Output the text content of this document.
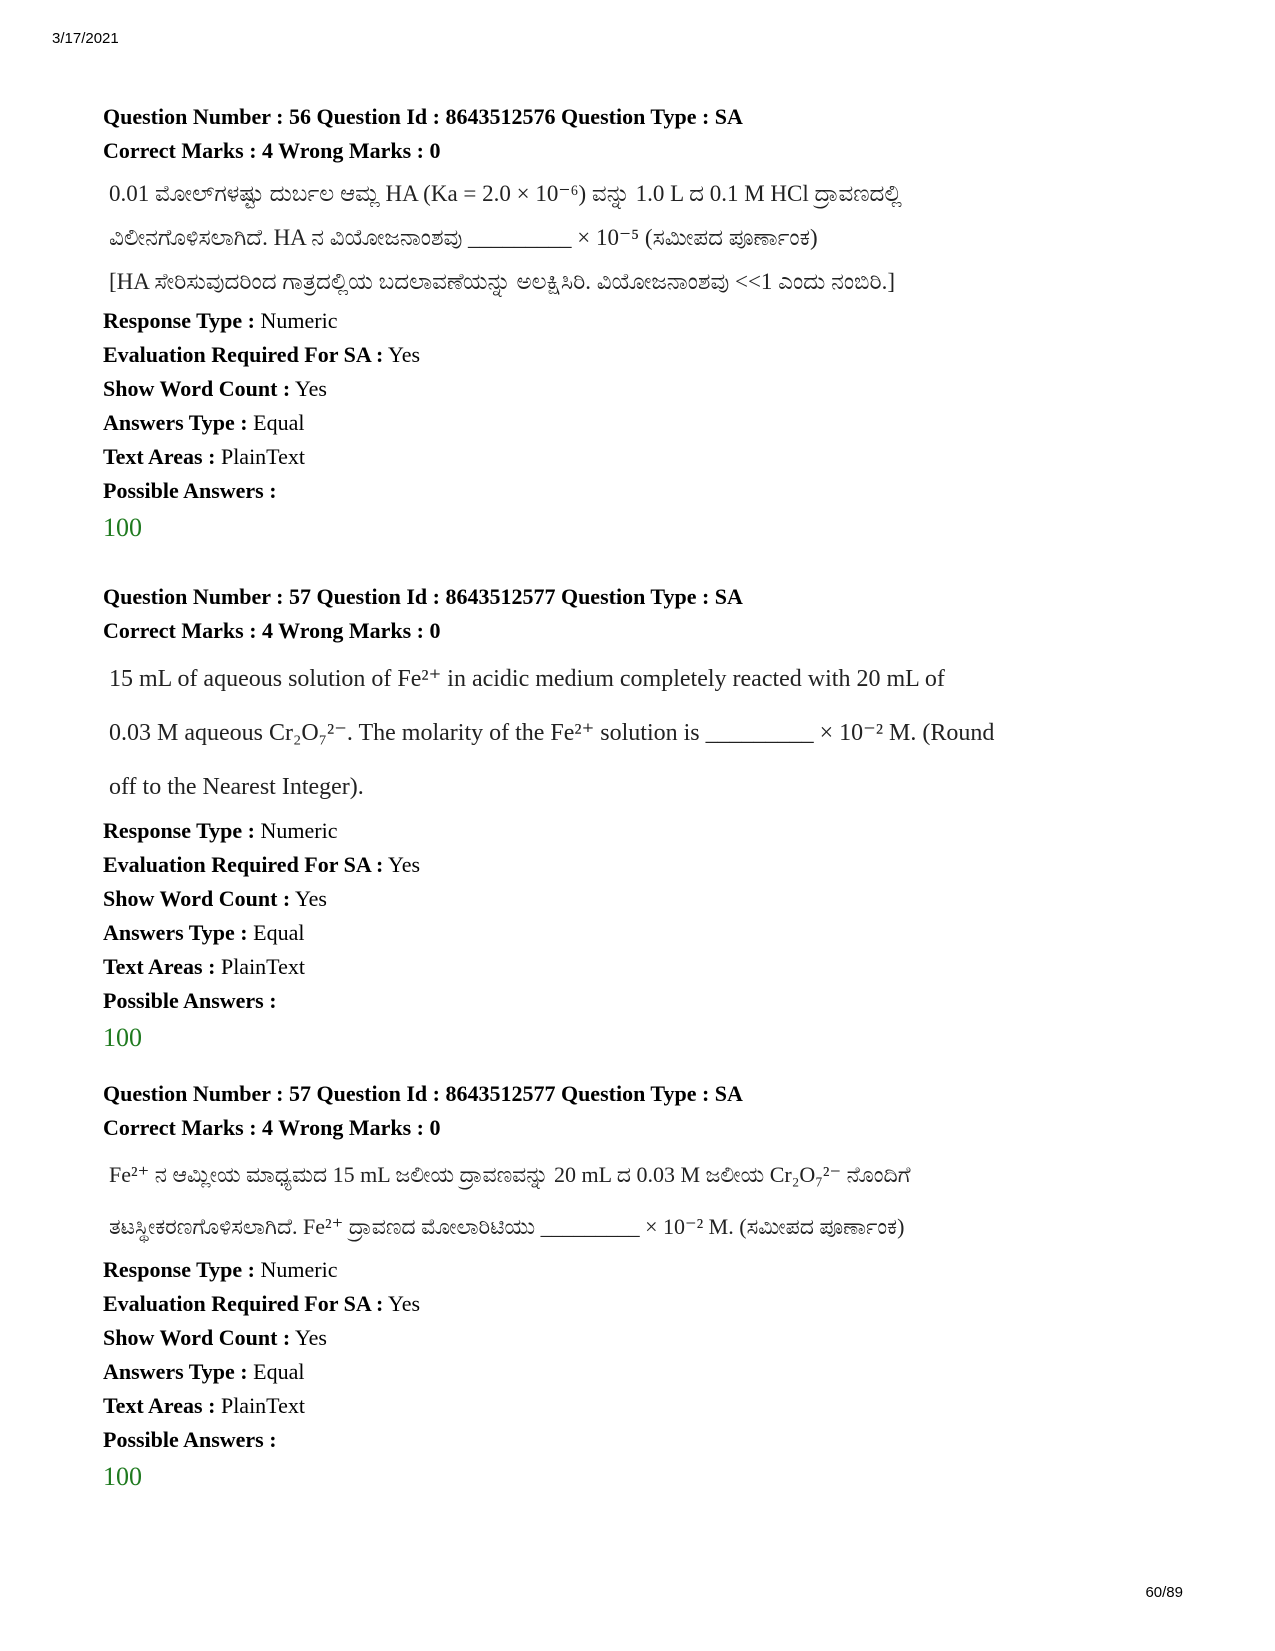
3/17/2021
Question Number : 56 Question Id : 8643512576 Question Type : SA
Correct Marks : 4 Wrong Marks : 0
0.01 ಮೋಲ್‌ಗಳಷ್ಟು ದುರ್ಬಲ ಆಮ್ಲ HA (Ka = 2.0 × 10⁻⁶) ವನ್ನು 1.0 L ದ 0.1 M HCl ದ್ರಾವಣದಲ್ಲಿ
ವಿಲೀನಗೊಳಿಸಲಾಗಿದೆ. HA ನ ವಿಯೋಜನಾಂಶವು _________ × 10⁻⁵ (ಸಮೀಪದ ಪೂರ್ಣಾಂಕ)
[HA ಸೇರಿಸುವುದರಿಂದ ಗಾತ್ರದಲ್ಲಿಯ ಬದಲಾವಣೆಯನ್ನು ಅಲಕ್ಷಿಸಿರಿ. ವಿಯೋಜನಾಂಶವು <<1 ಎಂದು ನಂಬಿರಿ.]
Response Type : Numeric
Evaluation Required For SA : Yes
Show Word Count : Yes
Answers Type : Equal
Text Areas : PlainText
Possible Answers :
100
Question Number : 57 Question Id : 8643512577 Question Type : SA
Correct Marks : 4 Wrong Marks : 0
15 mL of aqueous solution of Fe²⁺ in acidic medium completely reacted with 20 mL of
0.03 M aqueous Cr₂O₇²⁻. The molarity of the Fe²⁺ solution is _________ × 10⁻² M. (Round
off to the Nearest Integer).
Response Type : Numeric
Evaluation Required For SA : Yes
Show Word Count : Yes
Answers Type : Equal
Text Areas : PlainText
Possible Answers :
100
Question Number : 57 Question Id : 8643512577 Question Type : SA
Correct Marks : 4 Wrong Marks : 0
Fe²⁺ ನ ಆಮ್ಲೀಯ ಮಾಧ್ಯಮದ 15 mL ಜಲೀಯ ದ್ರಾವಣವನ್ನು 20 mL ದ 0.03 M ಜಲೀಯ Cr₂O₇²⁻ ನೊಂದಿಗೆ
ತಟಸ್ಥೀಕರಣಗೊಳಿಸಲಾಗಿದೆ. Fe²⁺ ದ್ರಾವಣದ ಮೋಲಾರಿಟಿಯು _________ × 10⁻² M. (ಸಮೀಪದ ಪೂರ್ಣಾಂಕ)
Response Type : Numeric
Evaluation Required For SA : Yes
Show Word Count : Yes
Answers Type : Equal
Text Areas : PlainText
Possible Answers :
100
60/89
